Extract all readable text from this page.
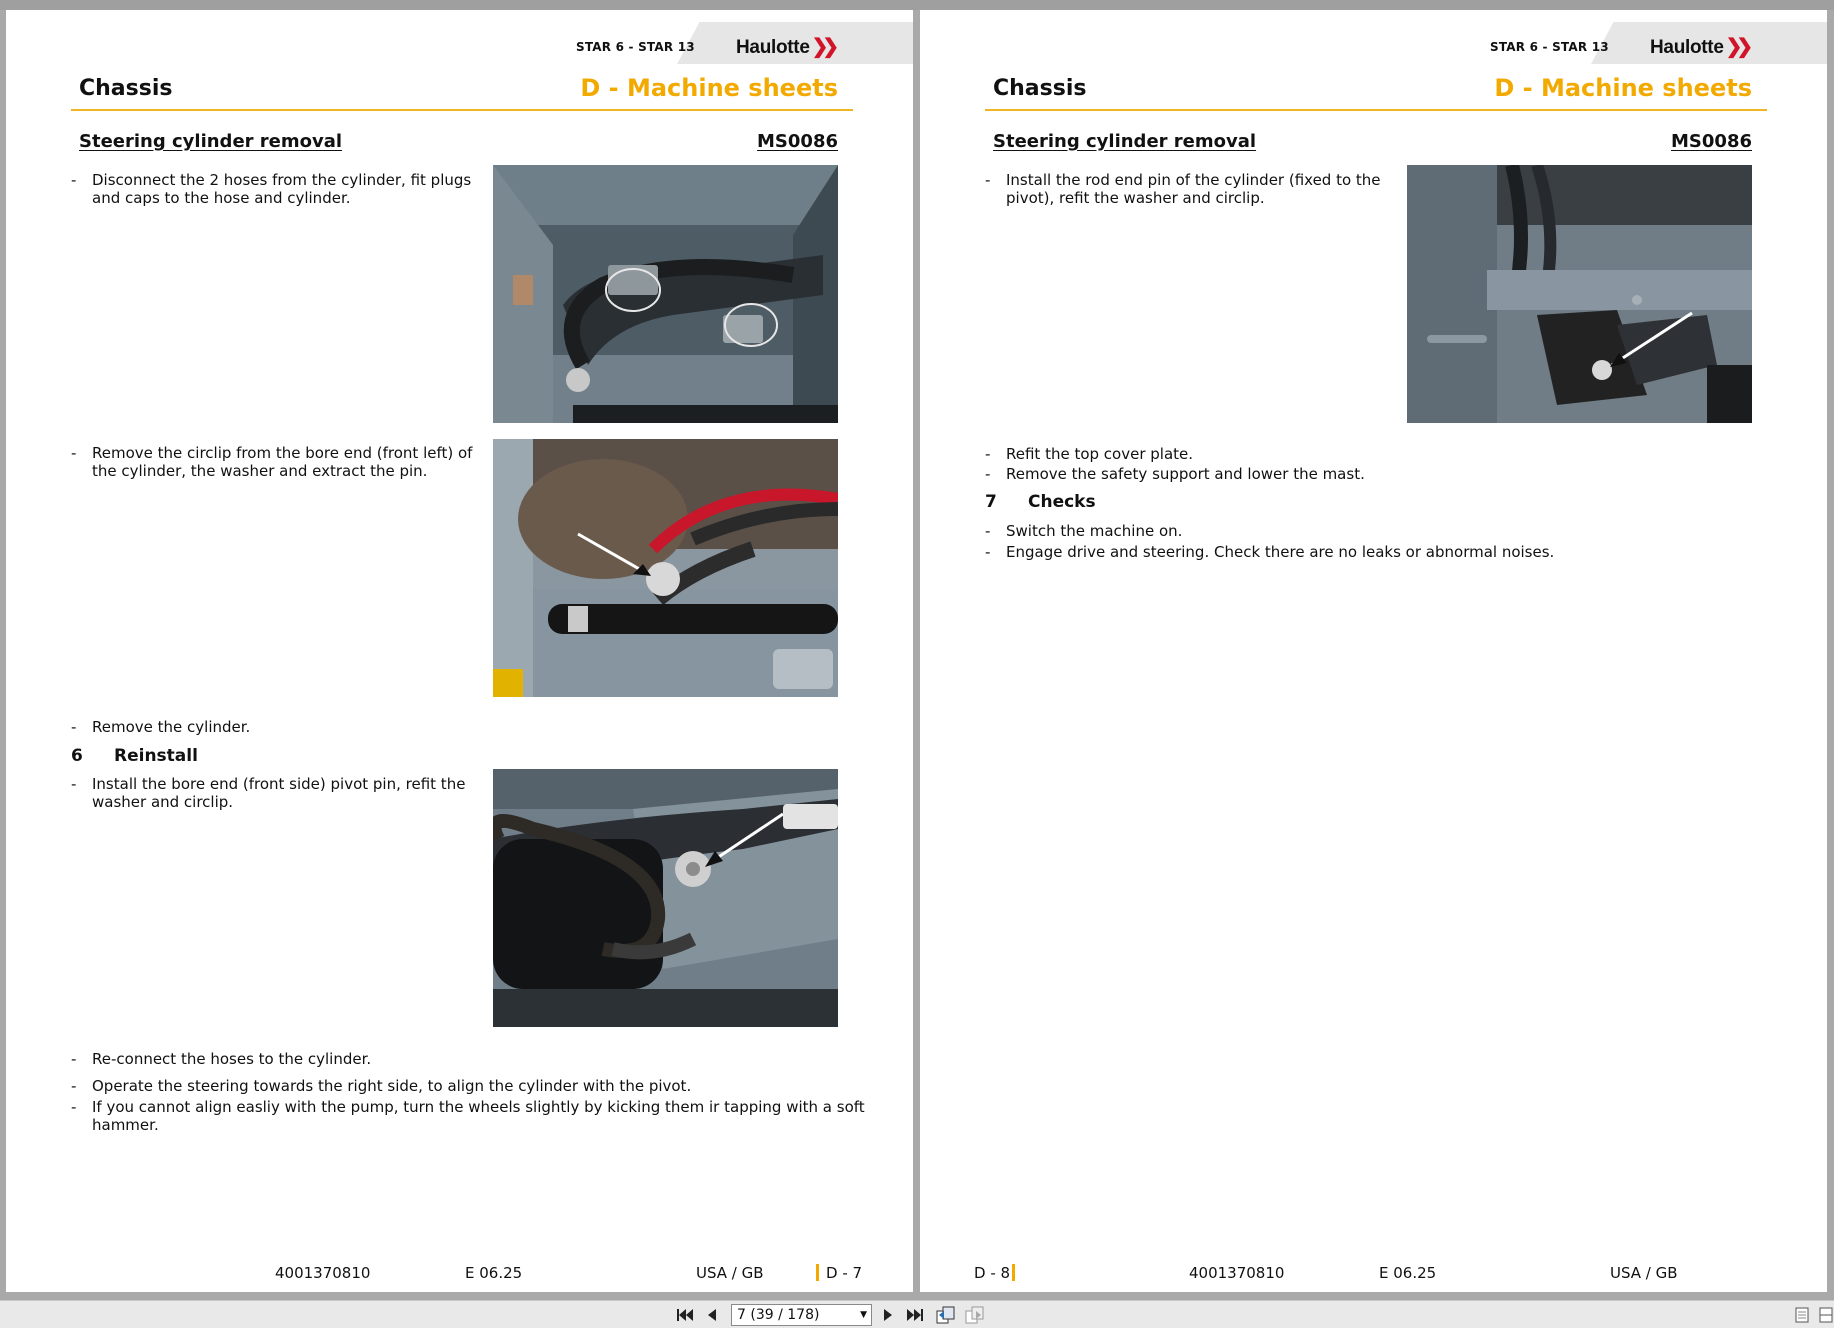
STAR 6 - STAR 13 Haulotte ❯❯
Chassis	D - Machine sheets
Steering cylinder removal	MS0086
- Disconnect the 2 hoses from the cylinder, fit plugs
and caps to the hose and cylinder.
- Remove the circlip from the bore end (front left) of
the cylinder, the washer and extract the pin.
- Remove the cylinder.
6 Reinstall
- Install the bore end (front side) pivot pin, refit the
washer and circlip.
- Re-connect the hoses to the cylinder.
- Operate the steering towards the right side, to align the cylinder with the pivot.
- If you cannot align easliy with the pump, turn the wheels slightly by kicking them ir tapping with a soft
hammer.
4001370810	E 06.25	USA / GB	D - 7
STAR 6 - STAR 13 Haulotte ❯❯
Chassis	D - Machine sheets
Steering cylinder removal	MS0086
- Install the rod end pin of the cylinder (fixed to the
pivot), refit the washer and circlip.
- Refit the top cover plate.
- Remove the safety support and lower the mast.
7 Checks
- Switch the machine on.
- Engage drive and steering. Check there are no leaks or abnormal noises.
D - 8	4001370810	E 06.25	USA / GB
7 (39 / 178)	▼
